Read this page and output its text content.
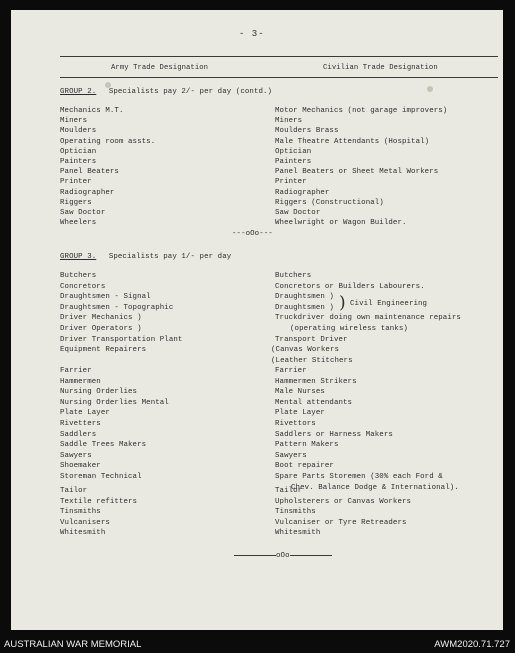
- 3-
Army Trade Designation	Civilian Trade Designation
GROUP 2. Specialists pay 2/- per day (contd.)
Mechanics M.T.
Miners
Moulders
Operating room assts.
Optician
Painters
Panel Beaters
Printer
Radiographer
Riggers
Saw Doctor
Wheelers
Motor Mechanics (not garage improvers)
Miners
Moulders Brass
Male Theatre Attendants (Hospital)
Optician
Painters
Panel Beaters or Sheet Metal Workers
Printer
Radiographer
Riggers (Constructional)
Saw Doctor
Wheelwright or Wagon Builder.
---oOo---
GROUP 3. Specialists pay 1/- per day
Butchers
Concretors
Draughtsmen - Signal
Draughtsmen - Topographic
Driver Mechanics )
Driver Operators )
Driver Transportation Plant
Equipment Repairers
Farrier
Hammermen
Nursing Orderlies
Nursing Orderlies Mental
Plate Layer
Rivetters
Saddlers
Saddle Trees Makers
Sawyers
Shoemaker
Storeman Technical
Tailor
Textile refitters
Tinsmiths
Vulcanisers
Whitesmith
Butchers
Concretors or Builders Labourers.
Draughtsmen )
Draughtsmen )
Truckdriver doing own maintenance repairs
(operating wireless tanks)
Transport Driver
(Canvas Workers
(Leather Stitchers
) Civil Engineering
Farrier
Hammermen Strikers
Male Nurses
Mental attendants
Plate Layer
Rivettors
Saddlers or Harness Makers
Pattern Makers
Sawyers
Boot repairer
Spare Parts Storemen (30% each Ford &
Chev. Balance Dodge & International).
Tailor
Upholsterers or Canvas Workers
Tinsmiths
Vulcaniser or Tyre Retreaders
Whitesmith
oOo
AUSTRALIAN WAR MEMORIAL	AWM2020.71.727
